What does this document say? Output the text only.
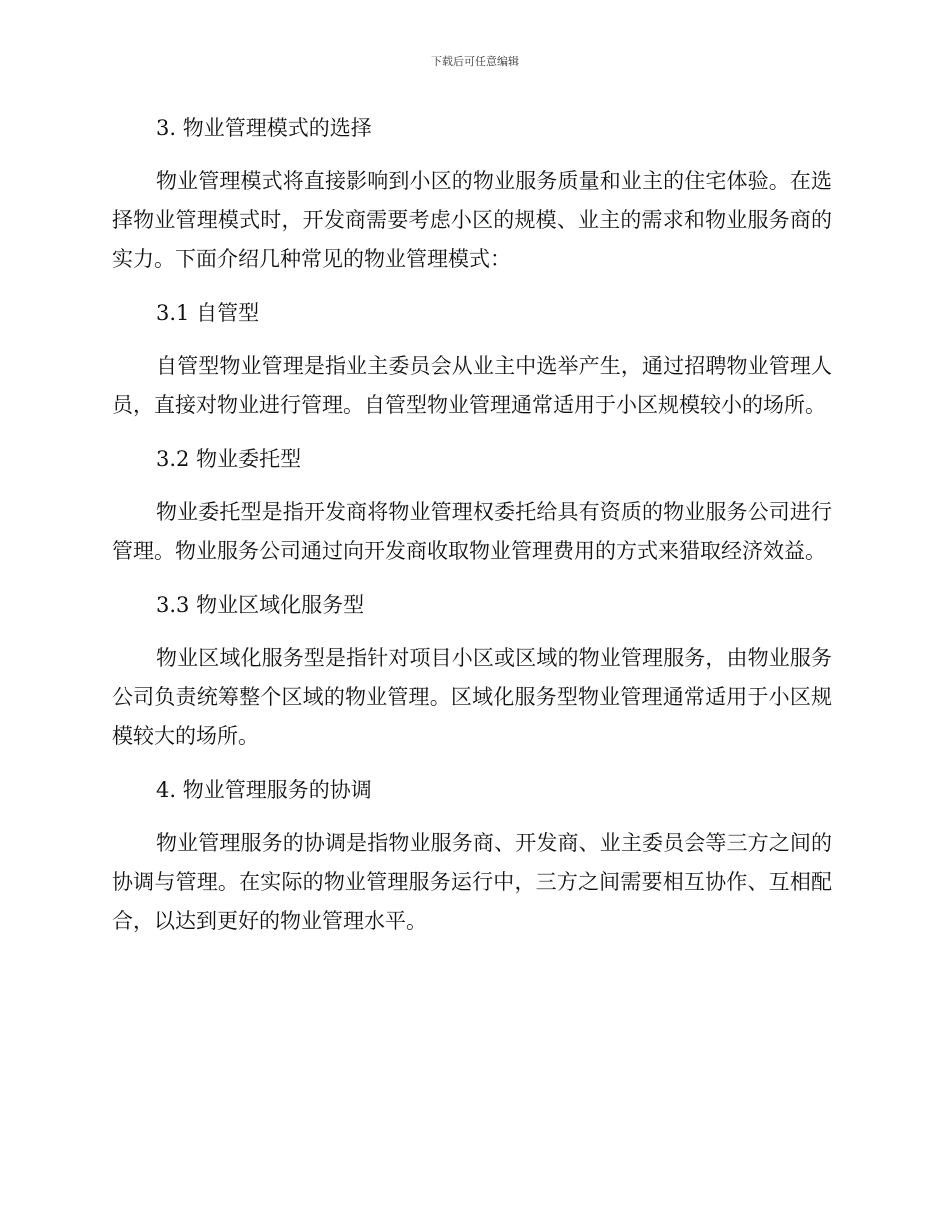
下载后可任意编辑
3. 物业管理模式的选择

物业管理模式将直接影响到小区的物业服务质量和业主的住宅体验。在选择物业管理模式时，开发商需要考虑小区的规模、业主的需求和物业服务商的实力。下面介绍几种常见的物业管理模式：

3.1 自管型

自管型物业管理是指业主委员会从业主中选举产生，通过招聘物业管理人员，直接对物业进行管理。自管型物业管理通常适用于小区规模较小的场所。

3.2 物业委托型

物业委托型是指开发商将物业管理权委托给具有资质的物业服务公司进行管理。物业服务公司通过向开发商收取物业管理费用的方式来猎取经济效益。

3.3 物业区域化服务型

物业区域化服务型是指针对项目小区或区域的物业管理服务，由物业服务公司负责统筹整个区域的物业管理。区域化服务型物业管理通常适用于小区规模较大的场所。

4. 物业管理服务的协调

物业管理服务的协调是指物业服务商、开发商、业主委员会等三方之间的协调与管理。在实际的物业管理服务运行中，三方之间需要相互协作、互相配合，以达到更好的物业管理水平。
